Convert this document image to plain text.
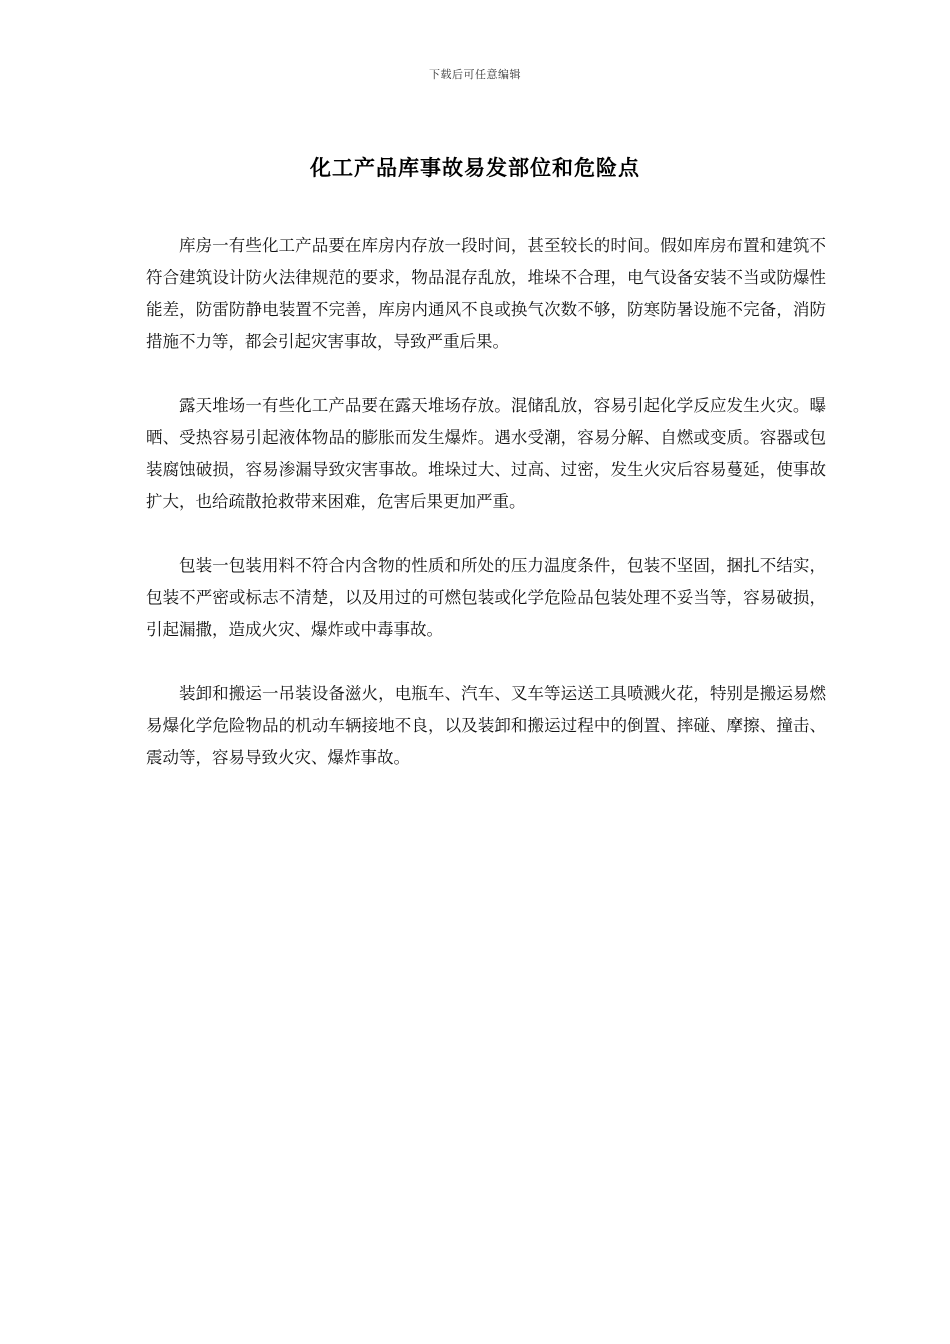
下载后可任意编辑
化工产品库事故易发部位和危险点

库房一有些化工产品要在库房内存放一段时间，甚至较长的时间。假如库房布置和建筑不符合建筑设计防火法律规范的要求，物品混存乱放，堆垛不合理，电气设备安装不当或防爆性能差，防雷防静电装置不完善，库房内通风不良或换气次数不够，防寒防暑设施不完备，消防措施不力等，都会引起灾害事故，导致严重后果。

露天堆场一有些化工产品要在露天堆场存放。混储乱放，容易引起化学反应发生火灾。曝晒、受热容易引起液体物品的膨胀而发生爆炸。遇水受潮，容易分解、自燃或变质。容器或包装腐蚀破损，容易渗漏导致灾害事故。堆垛过大、过高、过密，发生火灾后容易蔓延，使事故扩大，也给疏散抢救带来困难，危害后果更加严重。

包装一包装用料不符合内含物的性质和所处的压力温度条件，包装不坚固，捆扎不结实，包装不严密或标志不清楚，以及用过的可燃包装或化学危险品包装处理不妥当等，容易破损，引起漏撒，造成火灾、爆炸或中毒事故。

装卸和搬运一吊装设备滋火，电瓶车、汽车、叉车等运送工具喷溅火花，特别是搬运易燃易爆化学危险物品的机动车辆接地不良，以及装卸和搬运过程中的倒置、摔碰、摩擦、撞击、震动等，容易导致火灾、爆炸事故。
